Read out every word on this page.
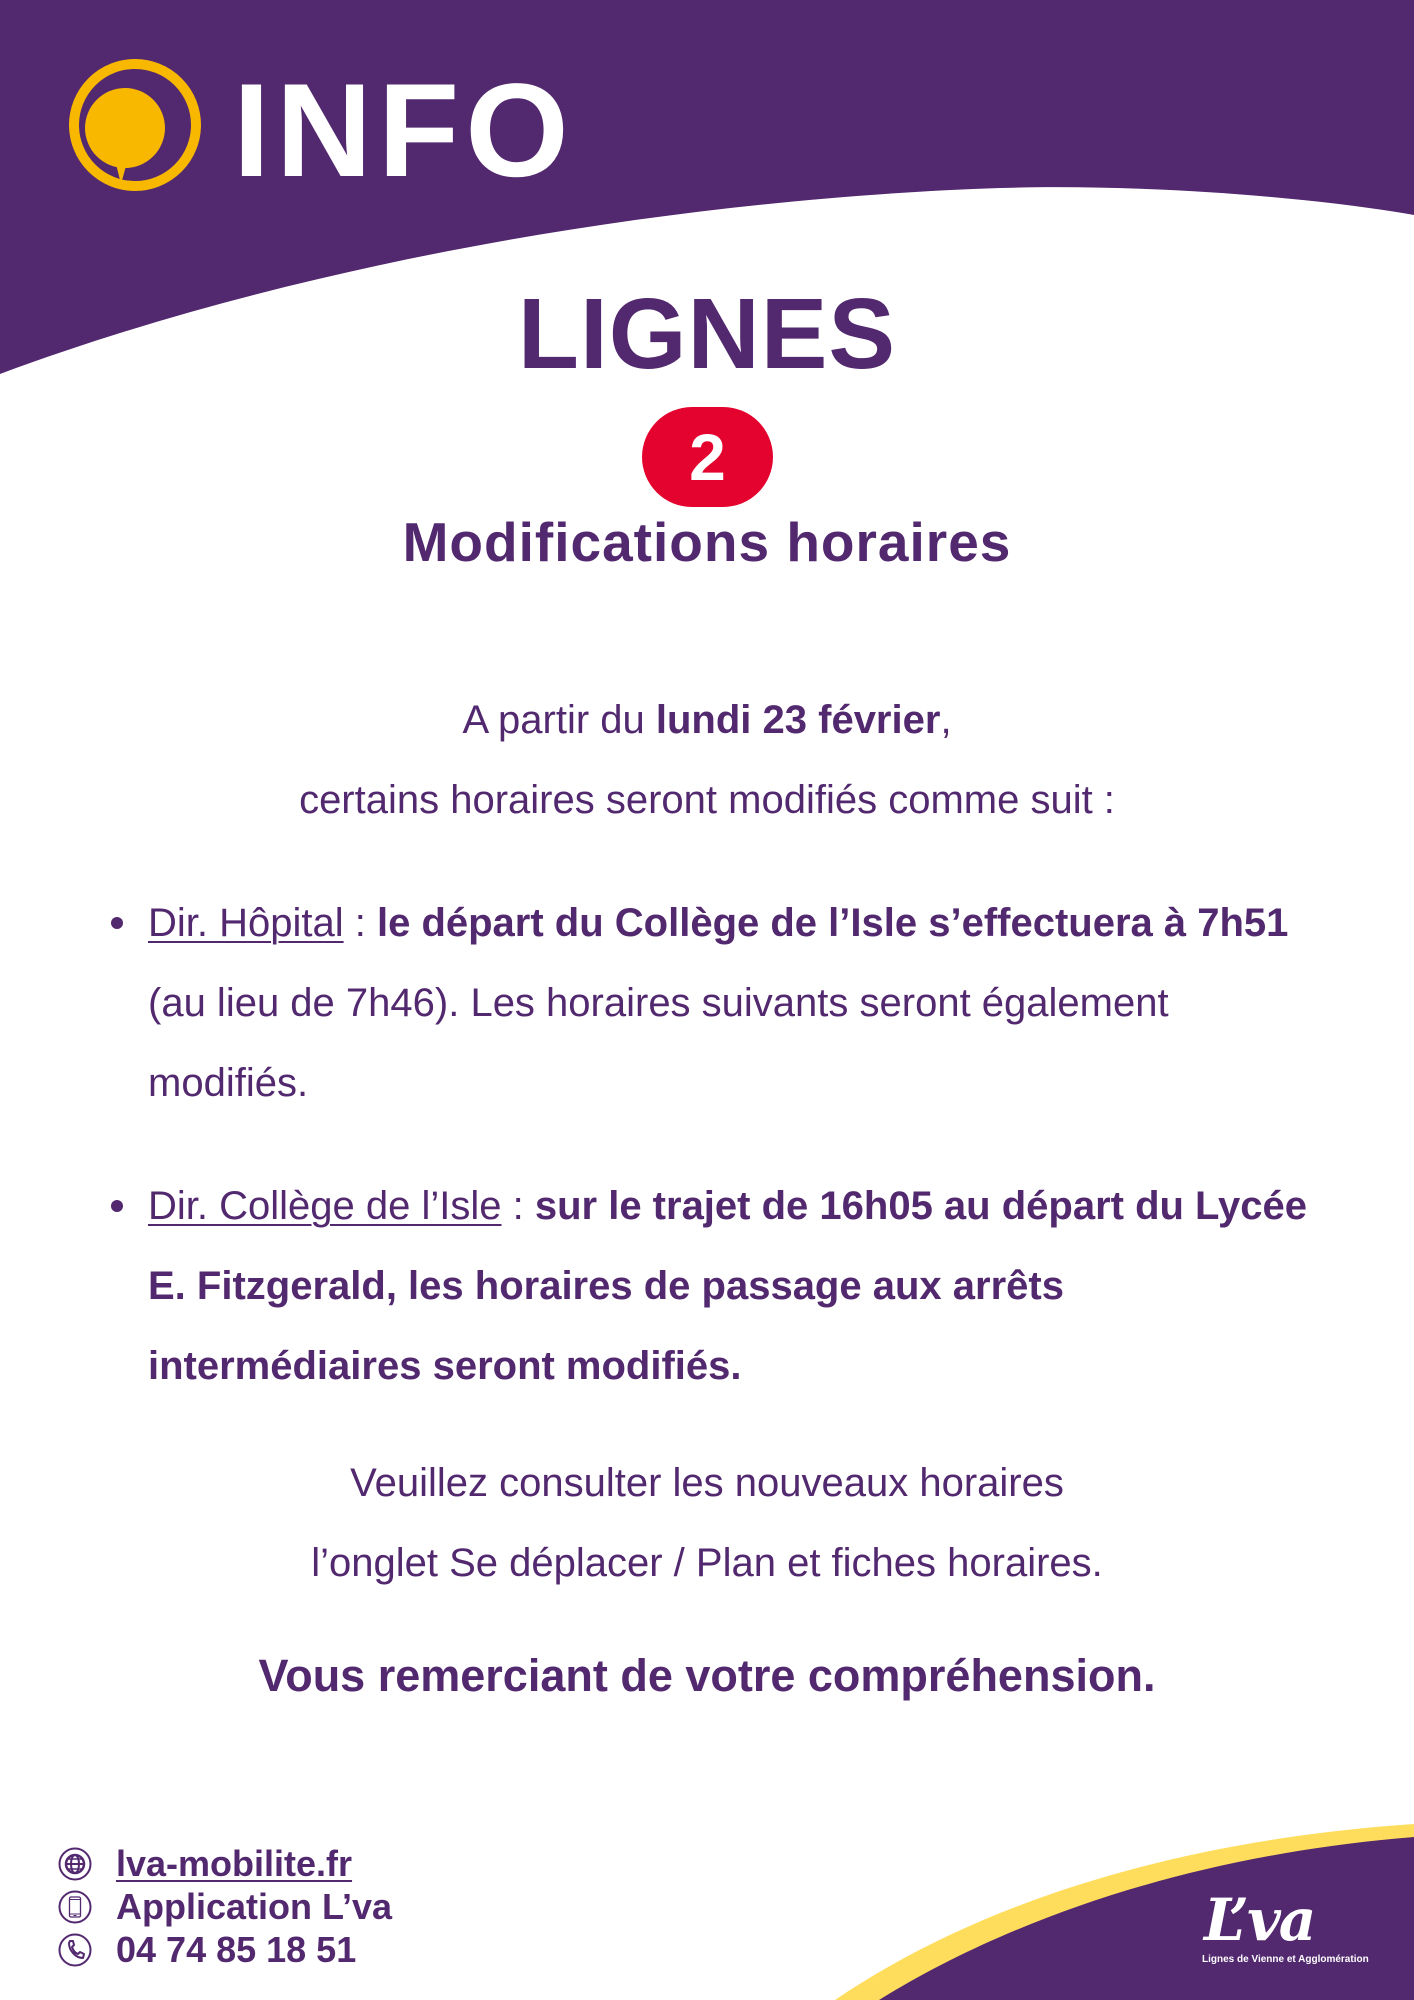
INFO
LIGNES
2
Modifications horaires

A partir du lundi 23 février,

certains horaires seront modifiés comme suit :

Dir. Hôpital : le départ du Collège de l’Isle s’effectuera à 7h51 (au lieu de 7h46). Les horaires suivants seront également modifiés.
Dir. Collège de l’Isle : sur le trajet de 16h05 au départ du Lycée E. Fitzgerald, les horaires de passage aux arrêts intermédiaires seront modifiés.

Veuillez consulter les nouveaux horaires

l’onglet Se déplacer / Plan et fiches horaires.

Vous remerciant de votre compréhension.
lva-mobilite.fr
Application L’va
04 74 85 18 51	L’va
Lignes de Vienne et Agglomération
